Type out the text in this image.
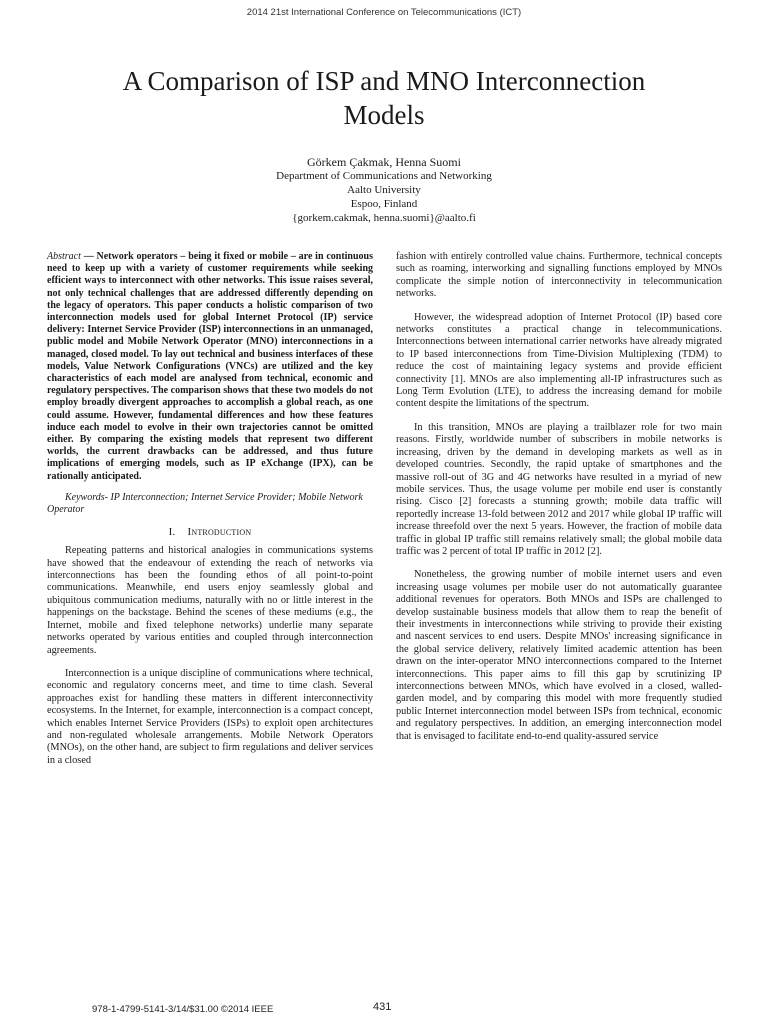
2014 21st International Conference on Telecommunications (ICT)
A Comparison of ISP and MNO Interconnection
Models
Görkem Çakmak, Henna Suomi
Department of Communications and Networking
Aalto University
Espoo, Finland
{gorkem.cakmak, henna.suomi}@aalto.fi

Abstract — Network operators – being it fixed or mobile – are in continuous need to keep up with a variety of customer requirements while seeking efficient ways to interconnect with other networks. This issue raises several, not only technical challenges that are addressed differently depending on the legacy of operators. This paper conducts a holistic comparison of two interconnection models used for global Internet Protocol (IP) service delivery: Internet Service Provider (ISP) interconnections in an unmanaged, public model and Mobile Network Operator (MNO) interconnections in a managed, closed model. To lay out technical and business interfaces of these models, Value Network Configurations (VNCs) are utilized and the key characteristics of each model are analysed from technical, economic and regulatory perspectives. The comparison shows that these two models do not employ broadly divergent approaches to accomplish a global reach, as one could assume. However, fundamental differences and how these features induce each model to evolve in their own trajectories cannot be omitted either. By comparing the existing models that represent two different worlds, the current drawbacks can be addressed, and thus future implications of emerging models, such as IP eXchange (IPX), can be rationally anticipated.

Keywords- IP Interconnection; Internet Service Provider; Mobile Network Operator
I. Introduction

Repeating patterns and historical analogies in communications systems have showed that the endeavour of extending the reach of networks via interconnections has been the founding ethos of all point-to-point communications. Meanwhile, end users enjoy seamlessly global and ubiquitous communication mediums, naturally with no or little interest in the happenings on the backstage. Behind the scenes of these mediums (e.g., the Internet, mobile and fixed telephone networks) underlie many separate networks operated by various entities and coupled through interconnection agreements.

Interconnection is a unique discipline of communications where technical, economic and regulatory concerns meet, and time to time clash. Several approaches exist for handling these matters in different interconnectivity ecosystems. In the Internet, for example, interconnection is a compact concept, which enables Internet Service Providers (ISPs) to exploit open architectures and non-regulated wholesale arrangements. Mobile Network Operators (MNOs), on the other hand, are subject to firm regulations and deliver services in a closed

fashion with entirely controlled value chains. Furthermore, technical concepts such as roaming, interworking and signalling functions employed by MNOs complicate the simple notion of interconnectivity in telecommunication networks.

However, the widespread adoption of Internet Protocol (IP) based core networks constitutes a practical change in telecommunications. Interconnections between international carrier networks have already migrated to IP based interconnections from Time-Division Multiplexing (TDM) to reduce the cost of maintaining legacy systems and provide efficient connectivity [1]. MNOs are also implementing all-IP infrastructures such as Long Term Evolution (LTE), to address the increasing demand for mobile content despite the limitations of the spectrum.

In this transition, MNOs are playing a trailblazer role for two main reasons. Firstly, worldwide number of subscribers in mobile networks is increasing, driven by the demand in developing markets as well as in developed countries. Secondly, the rapid uptake of smartphones and the massive roll-out of 3G and 4G networks have resulted in a myriad of new mobile services. Thus, the usage volume per mobile end user is constantly rising. Cisco [2] forecasts a stunning growth; mobile data traffic will reportedly increase 13-fold between 2012 and 2017 while global IP traffic will increase threefold over the next 5 years. However, the fraction of mobile data traffic in global IP traffic still remains relatively small; the global mobile data traffic was 2 percent of total IP traffic in 2012 [2].

Nonetheless, the growing number of mobile internet users and even increasing usage volumes per mobile user do not automatically guarantee additional revenues for operators. Both MNOs and ISPs are challenged to develop sustainable business models that allow them to reap the benefit of their investments in interconnections while striving to provide their existing and nascent services to end users. Despite MNOs' increasing significance in the global service delivery, relatively limited academic attention has been drawn on the inter-operator MNO interconnections compared to the Internet interconnections. This paper aims to fill this gap by scrutinizing IP interconnections between MNOs, which have evolved in a closed, walled-garden model, and by comparing this model with more frequently studied public Internet interconnection model between ISPs from technical, economic and regulatory perspectives. In addition, an emerging interconnection model that is envisaged to facilitate end-to-end quality-assured service

978-1-4799-5141-3/14/$31.00 ©2014 IEEE	431
